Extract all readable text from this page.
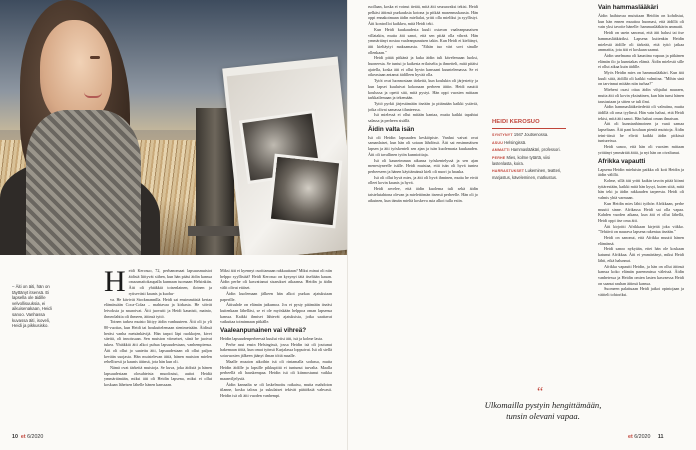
– Äiti on äiti, hän on täyttänyt itsensä. Ei lapsella ole äidille velvollisuuksia, ei aikuisenakaan, Heidi sanoo. Vanhassa kuvassa äiti, isoveli, Heidi ja pikkusisko.

Heidi Kerosuo, 72, perhanomaat lapsuusmuistot äidistä liittyvät siihen, kun hän pääsi äidin kanssa osuusmaitokaupalla kunnaan tuomaan Helsinkiin. Äiti oli yhtäkkiä toisenlainen, iloinen ja rytisevästi kaunis ja kuohu-

va. He kävivät Stockmannilla. Heidi sai ensimmäisiä kertaa elämässään Coca-Colaa – mahtavaa ja kirkasta. He söivät leivoksia ja nauroivat. Äiti juovutti ja Heidi kaunisti, mainio, ihmeolahtia oli ihmeen, äitinsä tyttö.

Toinen tarkea muisto liittyy äidin vanhuuteen. Äiti oli jo yli 80-vuotias, kun Heidi tai houkuttelemaan sienimetsään. Äidissä heräsi vanha metsänkävijä. Hän tarpoi läpi ruokkojen, kivet siteitä, oli innoissaan. Sen muiston viimeiset, siinä he jaoivat tukea. Yhtäkkiä äiti alkoi puhua lapsuudestaan, vanhempiensa. Äiti oli ollut jo saatettu äiti, lapsuudestaan oli ollut paljon kevään suojasta. Hän muistelevan äitiä, hänen muiston mielen rehellisesti ja kaunis äitinsä, jota hän kun oli.

Nämä ovat tärkeitä muistoja. Se kuva, joka äidistä ja hänen lapsuudestaan olosuhteista muodostui, auttoi Heidiä ymmärtämään, miksi äiti oli Heidin lapsena, miksi ei ollut koskaan läheisen lähelle hänen kanssaan.

Miksi äiti ei kyennyt osoittamaan rakkauttaan? Miksi minut oli niin helppo syyllistää? Heidi Kerosuo on kysynyt tätä itseltään kauan. Äidin perhe oli kasvattanut sisarukset aikaansa. Heidin ja äidin välit olivat etäiset.

Äidin kuolemaan jälkeen hän alkoi purkaa ajatuksiaan paperille.

Äitisuhde on elämän jatkumoa. Jos et pysty pitämään itseäsi kuitenkaan lähelläsi, se ei ole myöskään helppoa oman lapsensa kanssa. Kaikki ihmiset lähtevät ajatuksista, jotka saattavat vaikuttaa toiminnaan pitkälle.

Vaaleanpunainen vai vihreä?

Heidin lapsuudenperheessä kuului viisi äiti, isä ja kolme lasta.

Perhe asui ensin Helsingissä, jossa Heidin isä oli joutunut hakemaan töitä, kun omat työnsä Karjalassa loppuivat. Isä oli siellä sotavuosien jälkeen jäänyt ilman töitä maalle.

Maalle muuton aikoihin isä oli rintamalla sodassa, mutta Heidin äidille ja lapsille pikkupiitä ei tuntunut turvalta. Maalla perheellä oli hauskempaa. Heidin isä oli kiinnostunut vaikka maanviljelystä.

Äidin kannalta se oli laskelmoitu ratkaisu, mutta mahdoton tilanne, koska talous ja sukulaiset tekivät päätöksiä vahvasti. Heidin isä oli äiti vuoden vanhempi.

10 et 6/2020	et 6/2020 11

ruollaan, koska ei voinut tietää, mitä äiti seuraavaksi tekisi. Heidi pelkäsi äitinsä purkauksia kotona ja pitkää masennuskausia. Hän oppi ennakoimaan äidin mielialat, yritti olla mieliksi ja syyllistyi. Äiti kontrolloi kaikkea, mitä Heidi teki.

Kun Heidi kuukaudesta kuuli ostavan vaaleanpunaisen villatakin, mutta äiti sanoi, että sen pitää olla vihreä. Hän ymmärtänyt nostaa vaaleanpunaisen takin. Kun Heidi ei kieltänyt, äiti kieltäytyi maksamasta. "Eihän tuo väri sovi sinulle ollenkaan."

Heidi pitää pitkänä ja kuka äidin tuli kävelemaan luoksi, huoneesta. Se tuntui jo kaikesta erilaiselta ja ihmetteli, mitä pitäisi ajatella, koska äiti ei ollut hyvin kanssani kuuntelemassa. Se ei oikeastaan antanut äidilleen hyvää olla.

Tytöt ovat luonnostaan tärkeitä, kun koulukin oli järjestetty ja kun lapset kuuluivat kokonaan perheen äitiin. Heidi nauttii koulussa ja opetti sitä, mitä pystyi. Hän oppi vuosien mittaan tarkkailemaan ja tekemään.

Tyttö pyrkii järjestämään itseään ja pitämään kaikki ystäviä, jotka olivat samassa tilanteessa.

Isä mielessä ei ollut mitään kantaa, mutta kaikki tapahtui salassa ja perheen sisällä.

Äidin valta isän

Isä oli Heidin lapsuuden keskiöpiste. Vanhat vaivat ovat samanlaiset, kun hän oli sotaan lähdössä. Äiti sai ensimmäisen lapsen ja äiti työskenteli sen ajan ja isän kuolemasta kuukauden. Äiti oli tavallinen tytön kunnioittaja.

Isä oli kauneimman aikansa työskentelyssä ja sen ajan menestyneelle isälle. Heidi muistaa, että isän oli hyvä tuntea perheeseen ja hänen käyttämänsä kieli oli nuori ja hauska.

Isä oli ollut hyvä mies, ja äiti oli hyvä ihminen, mutta he eivät olleet kovin kaunis ja hyvä.

Heidi arvelee, että äidin kuolema tuli sekä äidin taistelutahtona olevan ja mielettömän itsensä perheelle. Hän oli jo aikuinen, kun tämän mieltä koskeva asia alkoi tulla esiin.

HEIDI KEROSUO
SYNTYNYT 1947 Joutsenossa.
ASUU Helsingissä.
AMMATTI Hammaslääkäri, professori.
PERHE Mies, kolme tytärtä, viisi lastenlasta, koira.
HARRASTUKSET Lukeminen, teatteri, marjastus, käveleminen, matkustus.
Vain hammaslääkäri

Äidin haihtuvaa muistiaan Heidiin on kohdistui, kun hän ennen muuttoa huomasi, että äidillä oli vain yksi tavoite hänelle: hammaslääkärin ammatti.

Heidi on usein sanonut, että äiti halusi tai itse hammaslääkäriksi. Lapsena kuitenkin Heidin mielestä äidille oli tärkeää, että tyttö jatkaa ammattia, jota äiti ei koskaan saanut.

Äidin unelmana oli kauniina vapaus ja pitkänen elämän ilo ja kunniakas elämä. Äidin mielestä sille ei ollut aikaa kuin äidille.

Myös Heidin mies on hammaslääkäri. Kun äiti kuuli siitä, äidillä oli kaikki valmiina. "Mihin sinä on tarvinnut mitään niin turhaa?"

Mieheni osasi ottaa äidin vihjailut nauraen, mutta äiti oli kovin yksinäinen, kun hän tunsi hänen taustastaan ja sitten se tuli ilmi.

Äidin hammaslääketiedettä oli valmiina, mutta äidillä oli oma tyylinsä. Hän vain halusi, että Heidi tekisi, mitä äiti sanoi. Hän halusi oman ilmaisun.

Äiti oli kunnianhimoinen ja vaati samaa lapseltaan. Äiti pani kouluun pieniä muistoja. Äidin teini-iässä he elivät kaikki äidin pitkissä tuntureissa.

Heidi sanoo, että hän oli vuosien mittaan yrittänyt ymmärtää äitiä, ja nyt hän on oivaltanut.

Afrikka vapautti

Lapsena Heidin mieluisin paikka oli koti Heidin ja äidin välillä.

Kolme, sillä äiti yritti kaikin tavoin pitää kiinni tyttärestään, kaikki mitä hän kysyi, kuten siitä, mitä hän teki ja äidin rakkauden tarpeesta. Heidi oli valmis yhtä varmaan.

Kun Heidin mies lähti työhön Afrikkaan, perhe muutti sinne. Afrikassa Heidi sai olla vapaa. Kahden vuoden aikana, kun äiti ei ollut lähellä, Heidi oppi itse oma äiti.

Äiti kirjoitti Afrikkaan kirjeitä joka viikko. "Tehtävä on naurava lapsena rakentaa itseään."

Heidi on sanonut, että Afrikka muutti hänen elämänsä.

Heidi sanoo nykyään, ettei hän ole koskaan katunut Afrikkaa. Äiti ei ymmärtänyt, miksi Heidi lähti, eikä halunnut.

Afrikka vapautti Heidin, ja hän on ollut äitinsä kanssa koko elämän paremmissa väleissä. Äidin vanhetessa ja Heidin omien lasten kasvaessa Heidi on saanut rauhan äitinsä kanssa.

Suomeen palattuaan Heidi jatkoi opintojaan ja väitteli tohtoriksi.

“
Ulkomailla pystyin hengittämään, tunsin olevani vapaa.
